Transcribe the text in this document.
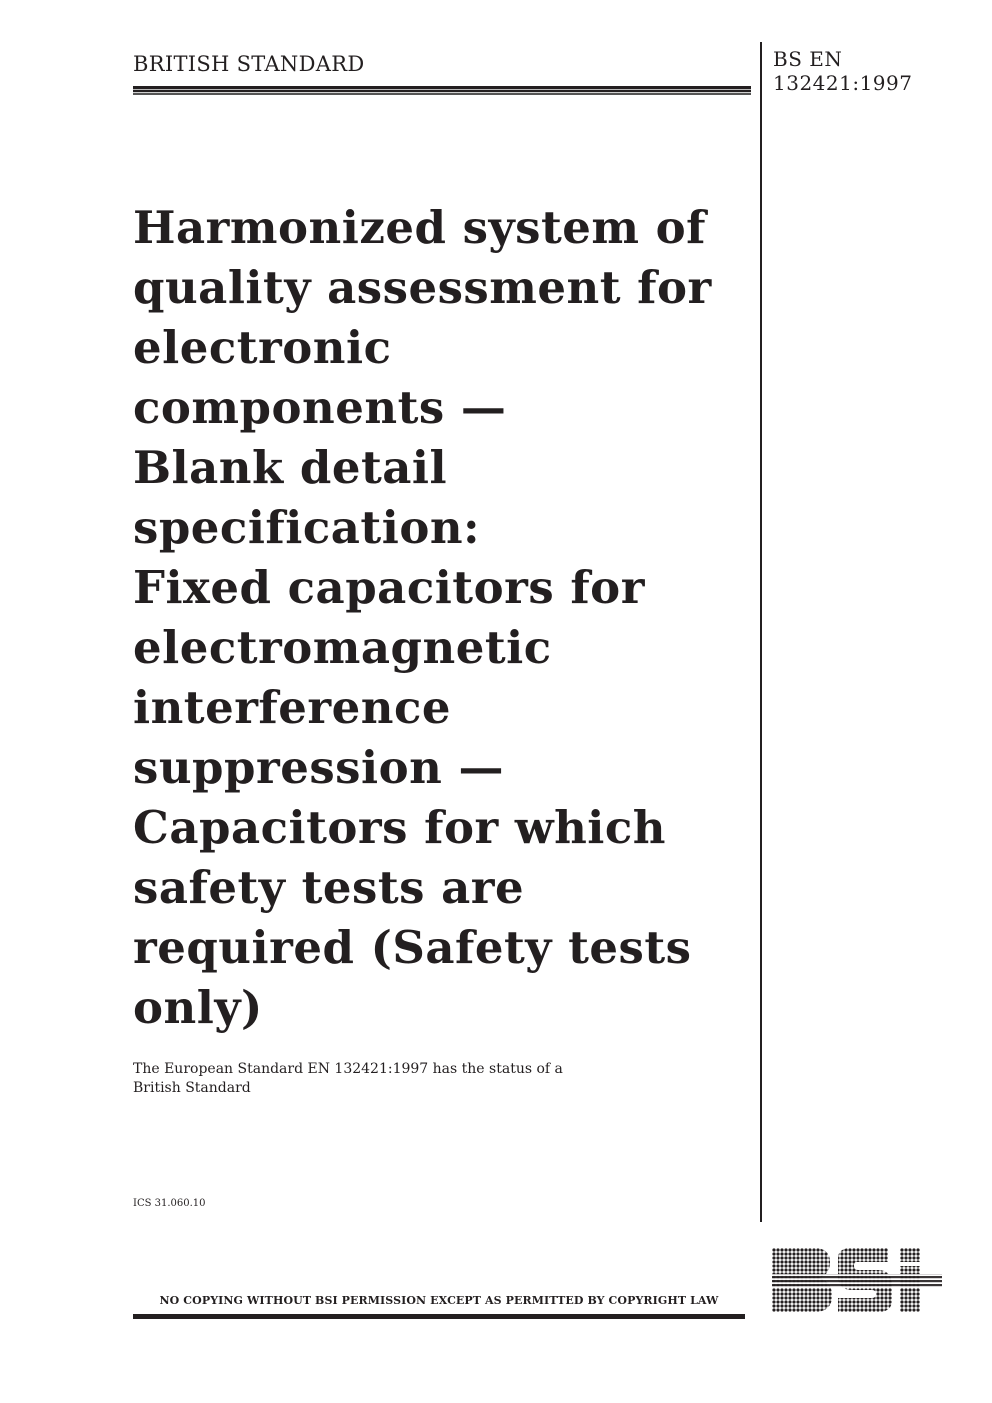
BRITISH STANDARD	BS EN
132421:1997
Harmonized system of
quality assessment for
electronic
components —
Blank detail
specification:
Fixed capacitors for
electromagnetic
interference
suppression —
Capacitors for which
safety tests are
required (Safety tests
only)
The European Standard EN 132421:1997 has the status of a
British Standard
ICS 31.060.10
NO COPYING WITHOUT BSI PERMISSION EXCEPT AS PERMITTED BY COPYRIGHT LAW
